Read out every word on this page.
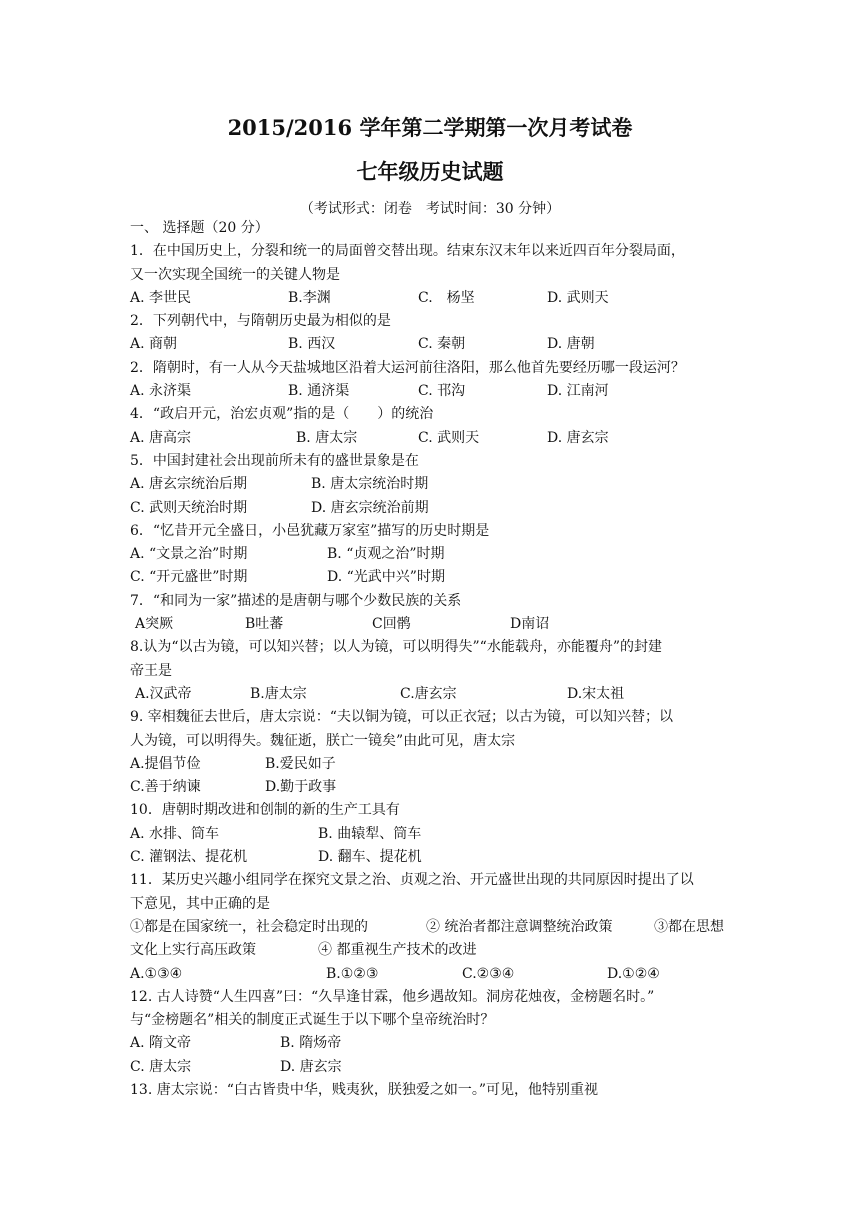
2015/2016 学年第二学期第一次月考试卷
七年级历史试题
（考试形式：闭卷　考试时间：30 分钟）
一、 选择题（20 分）
1．在中国历史上，分裂和统一的局面曾交替出现。结束东汉末年以来近四百年分裂局面，
又一次实现全国统一的关键人物是
A. 李世民	B.李渊	C.　杨坚	D. 武则天
2．下列朝代中，与隋朝历史最为相似的是
A. 商朝	B. 西汉	C. 秦朝	D. 唐朝
2．隋朝时，有一人从今天盐城地区沿着大运河前往洛阳，那么他首先要经历哪一段运河？
A. 永济渠	B. 通济渠	C. 邗沟	D. 江南河
4．“政启开元，治宏贞观”指的是（　　）的统治
A. 唐高宗	B. 唐太宗	C. 武则天	D. 唐玄宗
5．中国封建社会出现前所未有的盛世景象是在
A. 唐玄宗统治后期	B. 唐太宗统治时期
C. 武则天统治时期	D. 唐玄宗统治前期
6．“忆昔开元全盛日，小邑犹藏万家室”描写的历史时期是
A. “文景之治”时期	B. “贞观之治”时期
C. “开元盛世”时期	D. “光武中兴”时期
7．“和同为一家”描述的是唐朝与哪个少数民族的关系
A突厥	B吐蕃	C回鹘	D南诏
8.认为“以古为镜，可以知兴替；以人为镜，可以明得失”“水能载舟，亦能覆舟”的封建
帝王是
A.汉武帝	B.唐太宗	C.唐玄宗	D.宋太祖
9. 宰相魏征去世后，唐太宗说：“夫以铜为镜，可以正衣冠；以古为镜，可以知兴替；以
人为镜，可以明得失。魏征逝，朕亡一镜矣”由此可见，唐太宗
A.提倡节俭	B.爱民如子
C.善于纳谏	D.勤于政事
10．唐朝时期改进和创制的新的生产工具有
A. 水排、筒车	B. 曲辕犁、筒车
C. 灌钢法、提花机	D. 翻车、提花机
11．某历史兴趣小组同学在探究文景之治、贞观之治、开元盛世出现的共同原因时提出了以
下意见，其中正确的是
①都是在国家统一，社会稳定时出现的	② 统治者都注意调整统治政策	③都在思想
文化上实行高压政策	④ 都重视生产技术的改进
A.①③④	B.①②③	C.②③④	D.①②④
12. 古人诗赞“人生四喜”曰：“久旱逢甘霖，他乡遇故知。洞房花烛夜，金榜题名时。”
与“金榜题名”相关的制度正式诞生于以下哪个皇帝统治时？
A. 隋文帝	B. 隋炀帝
C. 唐太宗	D. 唐玄宗
13. 唐太宗说：“白古皆贵中华，贱夷狄，朕独爱之如一。”可见，他特别重视
